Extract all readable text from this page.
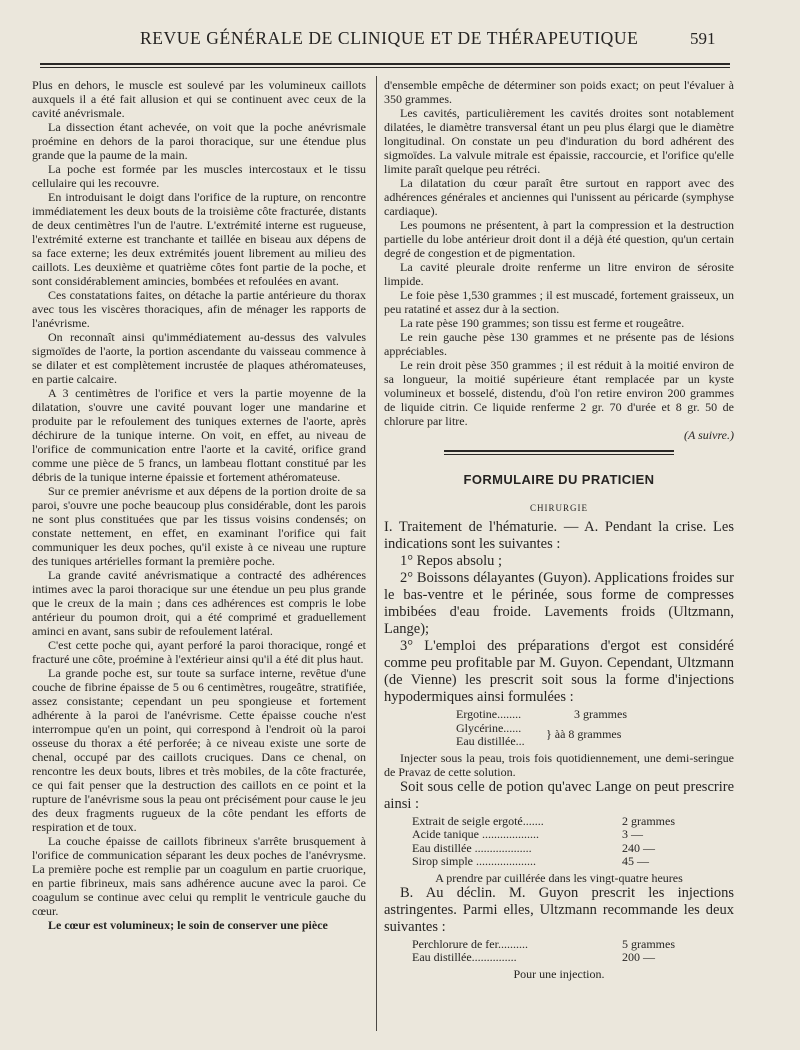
REVUE GÉNÉRALE DE CLINIQUE ET DE THÉRAPEUTIQUE	591

Plus en dehors, le muscle est soulevé par les volumineux caillots auxquels il a été fait allusion et qui se continuent avec ceux de la cavité anévrismale.

La dissection étant achevée, on voit que la poche anévrismale proémine en dehors de la paroi thoracique, sur une étendue plus grande que la paume de la main.

La poche est formée par les muscles intercostaux et le tissu cellulaire qui les recouvre.

En introduisant le doigt dans l'orifice de la rupture, on rencontre immédiatement les deux bouts de la troisième côte fracturée, distants de deux centimètres l'un de l'autre. L'extrémité interne est rugueuse, l'extrémité externe est tranchante et taillée en biseau aux dépens de sa face externe; les deux extrémités jouent librement au milieu des caillots. Les deuxième et quatrième côtes font partie de la poche, et sont considérablement amincies, bombées et refoulées en avant.

Ces constatations faites, on détache la partie antérieure du thorax avec tous les viscères thoraciques, afin de ménager les rapports de l'anévrisme.

On reconnaît ainsi qu'immédiatement au-dessus des valvules sigmoïdes de l'aorte, la portion ascendante du vaisseau commence à se dilater et est complètement incrustée de plaques athéromateuses, en partie calcaire.

A 3 centimètres de l'orifice et vers la partie moyenne de la dilatation, s'ouvre une cavité pouvant loger une mandarine et produite par le refoulement des tuniques externes de l'aorte, après déchirure de la tunique interne. On voit, en effet, au niveau de l'orifice de communication entre l'aorte et la cavité, orifice grand comme une pièce de 5 francs, un lambeau flottant constitué par les débris de la tunique interne épaissie et fortement athéromateuse.

Sur ce premier anévrisme et aux dépens de la portion droite de sa paroi, s'ouvre une poche beaucoup plus considérable, dont les parois ne sont plus constituées que par les tissus voisins condensés; on constate nettement, en effet, en examinant l'orifice qui fait communiquer les deux poches, qu'il existe à ce niveau une rupture des tuniques artérielles formant la première poche.

La grande cavité anévrismatique a contracté des adhérences intimes avec la paroi thoracique sur une étendue un peu plus grande que le creux de la main ; dans ces adhérences est compris le lobe antérieur du poumon droit, qui a été comprimé et graduellement aminci en avant, sans subir de refoulement latéral.

C'est cette poche qui, ayant perforé la paroi thoracique, rongé et fracturé une côte, proémine à l'extérieur ainsi qu'il a été dit plus haut.

La grande poche est, sur toute sa surface interne, revêtue d'une couche de fibrine épaisse de 5 ou 6 centimètres, rougeâtre, stratifiée, assez consistante; cependant un peu spongieuse et fortement adhérente à la paroi de l'anévrisme. Cette épaisse couche n'est interrompue qu'en un point, qui correspond à l'endroit où la paroi osseuse du thorax a été perforée; à ce niveau existe une sorte de chenal, occupé par des caillots cruciques. Dans ce chenal, on rencontre les deux bouts, libres et très mobiles, de la côte fracturée, ce qui fait penser que la destruction des caillots en ce point et la rupture de l'anévrisme sous la peau ont précisément pour cause le jeu des deux fragments rugueux de la côte pendant les efforts de respiration et de toux.

La couche épaisse de caillots fibrineux s'arrête brusquement à l'orifice de communication séparant les deux poches de l'anévrysme. La première poche est remplie par un coagulum en partie cruorique, en partie fibrineux, mais sans adhérence aucune avec la paroi. Ce coagulum se continue avec celui qu remplit le ventricule gauche du cœur.

Le cœur est volumineux; le soin de conserver une pièce

d'ensemble empêche de déterminer son poids exact; on peut l'évaluer à 350 grammes.

Les cavités, particulièrement les cavités droites sont notablement dilatées, le diamètre transversal étant un peu plus élargi que le diamètre longitudinal. On constate un peu d'induration du bord adhérent des sigmoïdes. La valvule mitrale est épaissie, raccourcie, et l'orifice qu'elle limite paraît quelque peu rétréci.

La dilatation du cœur paraît être surtout en rapport avec des adhérences générales et anciennes qui l'unissent au péricarde (symphyse cardiaque).

Les poumons ne présentent, à part la compression et la destruction partielle du lobe antérieur droit dont il a déjà été question, qu'un certain degré de congestion et de pigmentation.

La cavité pleurale droite renferme un litre environ de sérosite limpide.

Le foie pèse 1,530 grammes ; il est muscadé, fortement graisseux, un peu ratatiné et assez dur à la section.

La rate pèse 190 grammes; son tissu est ferme et rougeâtre.

Le rein gauche pèse 130 grammes et ne présente pas de lésions appréciables.

Le rein droit pèse 350 grammes ; il est réduit à la moitié environ de sa longueur, la moitié supérieure étant remplacée par un kyste volumineux et bosselé, distendu, d'où l'on retire environ 200 grammes de liquide citrin. Ce liquide renferme 2 gr. 70 d'urée et 8 gr. 50 de chlorure par litre.

(A suivre.)

FORMULAIRE DU PRATICIEN
CHIRURGIE

I. Traitement de l'hématurie. — A. Pendant la crise. Les indications sont les suivantes :

1° Repos absolu ;

2° Boissons délayantes (Guyon). Applications froides sur le bas-ventre et le périnée, sous forme de compresses imbibées d'eau froide. Lavements froids (Ultzmann, Lange);

3° L'emploi des préparations d'ergot est considéré comme peu profitable par M. Guyon. Cependant, Ultzmann (de Vienne) les prescrit soit sous la forme d'injections hypodermiques ainsi formulées :

Ergotine........	3 grammes
Glycérine...... } àà 8 grammes
Eau distillée...

Injecter sous la peau, trois fois quotidiennement, une demi-seringue de Pravaz de cette solution.

Soit sous celle de potion qu'avec Lange on peut prescrire ainsi :

Extrait de seigle ergoté.......	2 grammes
Acide tanique ...................	3 —
Eau distillée ...................	240 —
Sirop simple ....................	45 —

A prendre par cuillérée dans les vingt-quatre heures

B. Au déclin. M. Guyon prescrit les injections astringentes. Parmi elles, Ultzmann recommande les deux suivantes :

Perchlorure de fer..........	5 grammes
Eau distillée...............	200 —

Pour une injection.
